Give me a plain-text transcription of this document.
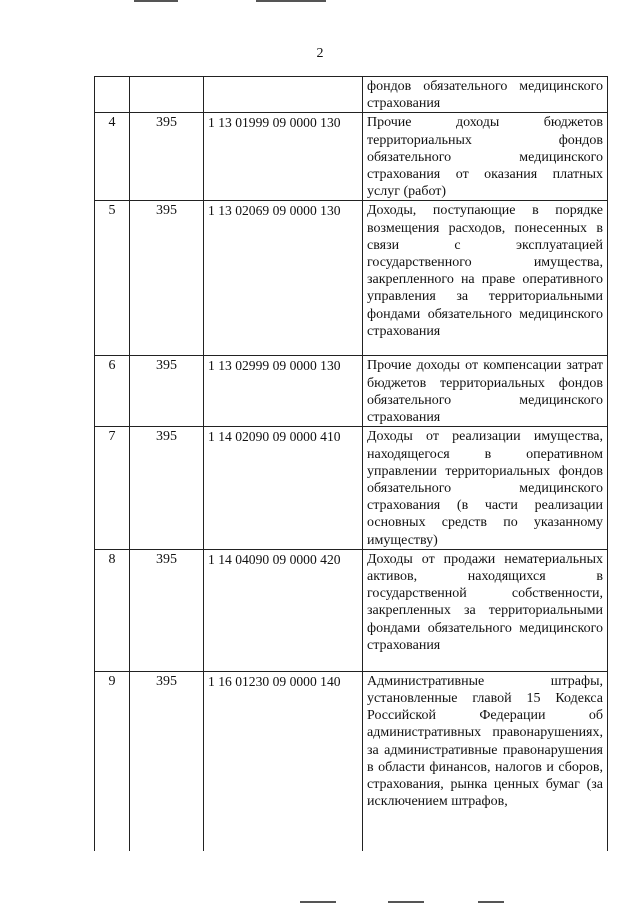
2
			фондов обязательного медицинского страхования
4	395	1 13 01999 09 0000 130	Прочие доходы бюджетов территориальных фондов обязательного медицинского страхования от оказания платных услуг (работ)
5	395	1 13 02069 09 0000 130	Доходы, поступающие в порядке возмещения расходов, понесенных в связи с эксплуатацией государственного имущества, закрепленного на праве оперативного управления за территориальными фондами обязательного медицинского страхования
6	395	1 13 02999 09 0000 130	Прочие доходы от компенсации затрат бюджетов территориальных фондов обязательного медицинского страхования
7	395	1 14 02090 09 0000 410	Доходы от реализации имущества, находящегося в оперативном управлении территориальных фондов обязательного медицинского страхования (в части реализации основных средств по указанному имуществу)
8	395	1 14 04090 09 0000 420	Доходы от продажи нематериальных активов, находящихся в государственной собственности, закрепленных за территориальными фондами обязательного медицинского страхования
9	395	1 16 01230 09 0000 140	Административные штрафы, установленные главой 15 Кодекса Российской Федерации об административных правонарушениях, за административные правонарушения в области финансов, налогов и сборов, страхования, рынка ценных бумаг (за исключением штрафов,
